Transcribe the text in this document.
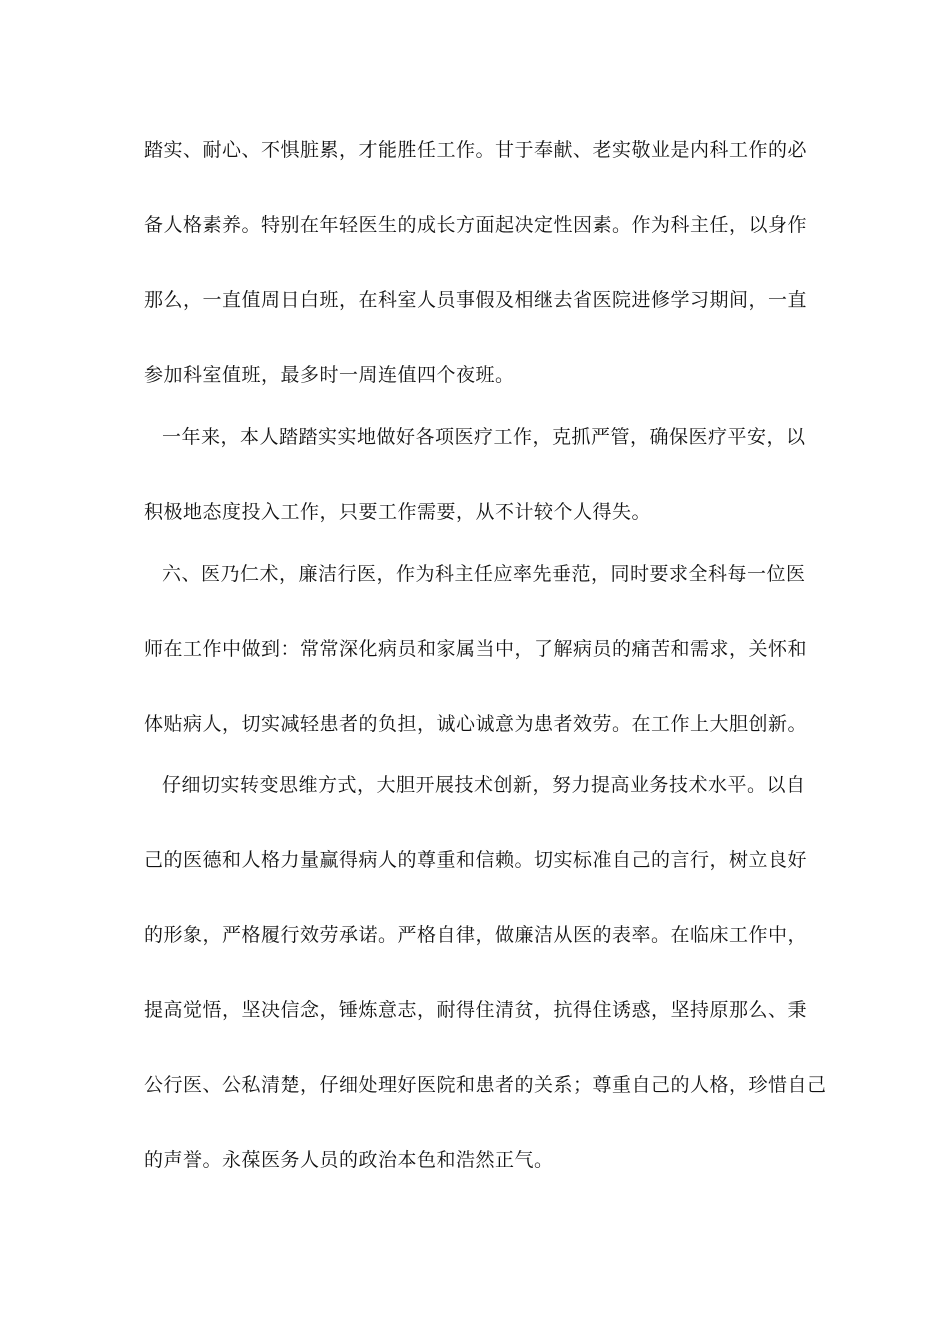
踏实、耐心、不惧脏累，才能胜任工作。甘于奉献、老实敬业是内科工作的必
备人格素养。特别在年轻医生的成长方面起决定性因素。作为科主任，以身作
那么，一直值周日白班，在科室人员事假及相继去省医院进修学习期间，一直
参加科室值班，最多时一周连值四个夜班。
一年来，本人踏踏实实地做好各项医疗工作，克抓严管，确保医疗平安，以
积极地态度投入工作，只要工作需要，从不计较个人得失。
六、医乃仁术，廉洁行医，作为科主任应率先垂范，同时要求全科每一位医
师在工作中做到：常常深化病员和家属当中，了解病员的痛苦和需求，关怀和
体贴病人，切实减轻患者的负担，诚心诚意为患者效劳。在工作上大胆创新。
仔细切实转变思维方式，大胆开展技术创新，努力提高业务技术水平。以自
己的医德和人格力量赢得病人的尊重和信赖。切实标准自己的言行，树立良好
的形象，严格履行效劳承诺。严格自律，做廉洁从医的表率。在临床工作中，
提高觉悟，坚决信念，锤炼意志，耐得住清贫，抗得住诱惑，坚持原那么、秉
公行医、公私清楚，仔细处理好医院和患者的关系；尊重自己的人格，珍惜自己
的声誉。永葆医务人员的政治本色和浩然正气。
